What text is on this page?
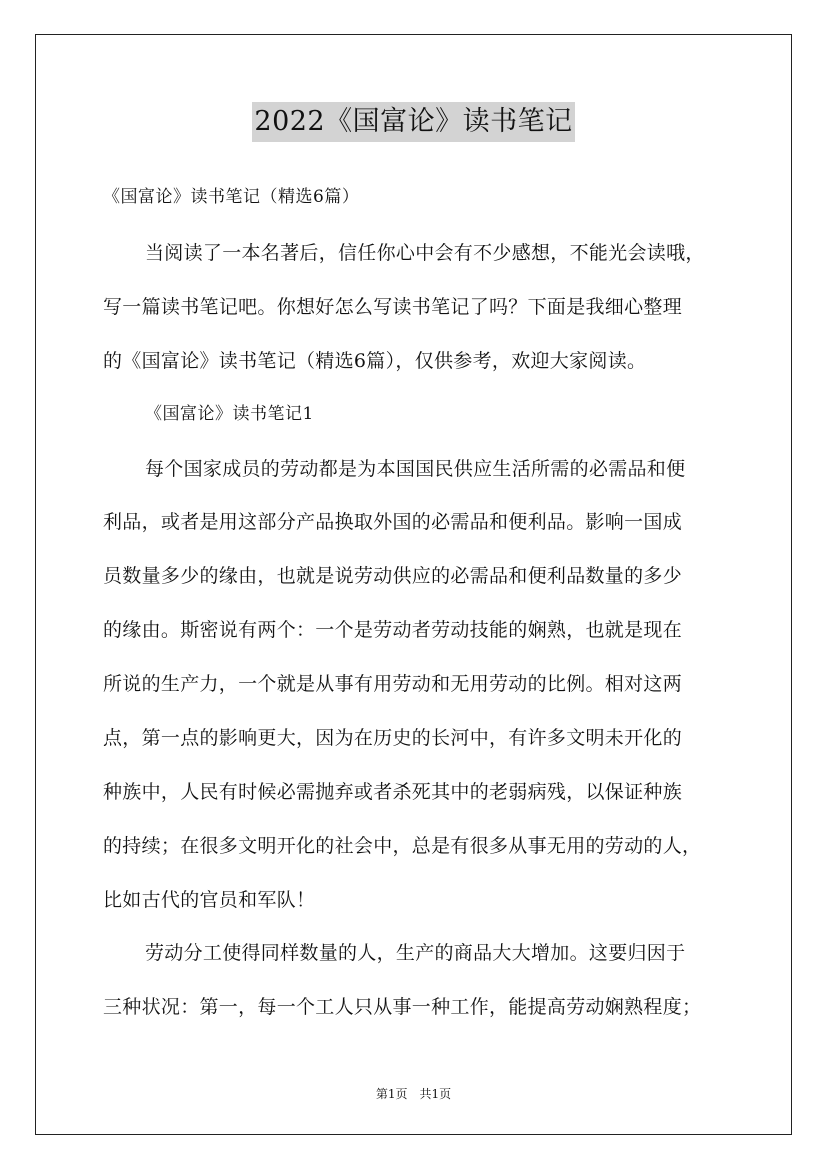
2022《国富论》读书笔记
《国富论》读书笔记（精选6篇）
当阅读了一本名著后，信任你心中会有不少感想，不能光会读哦，
写一篇读书笔记吧。你想好怎么写读书笔记了吗？下面是我细心整理
的《国富论》读书笔记（精选6篇），仅供参考，欢迎大家阅读。
《国富论》读书笔记1
每个国家成员的劳动都是为本国国民供应生活所需的必需品和便
利品，或者是用这部分产品换取外国的必需品和便利品。影响一国成
员数量多少的缘由，也就是说劳动供应的必需品和便利品数量的多少
的缘由。斯密说有两个：一个是劳动者劳动技能的娴熟，也就是现在
所说的生产力，一个就是从事有用劳动和无用劳动的比例。相对这两
点，第一点的影响更大，因为在历史的长河中，有许多文明未开化的
种族中，人民有时候必需抛弃或者杀死其中的老弱病残，以保证种族
的持续；在很多文明开化的社会中，总是有很多从事无用的劳动的人，
比如古代的官员和军队！
劳动分工使得同样数量的人，生产的商品大大增加。这要归因于
三种状况：第一，每一个工人只从事一种工作，能提高劳动娴熟程度；
第1页　共1页
